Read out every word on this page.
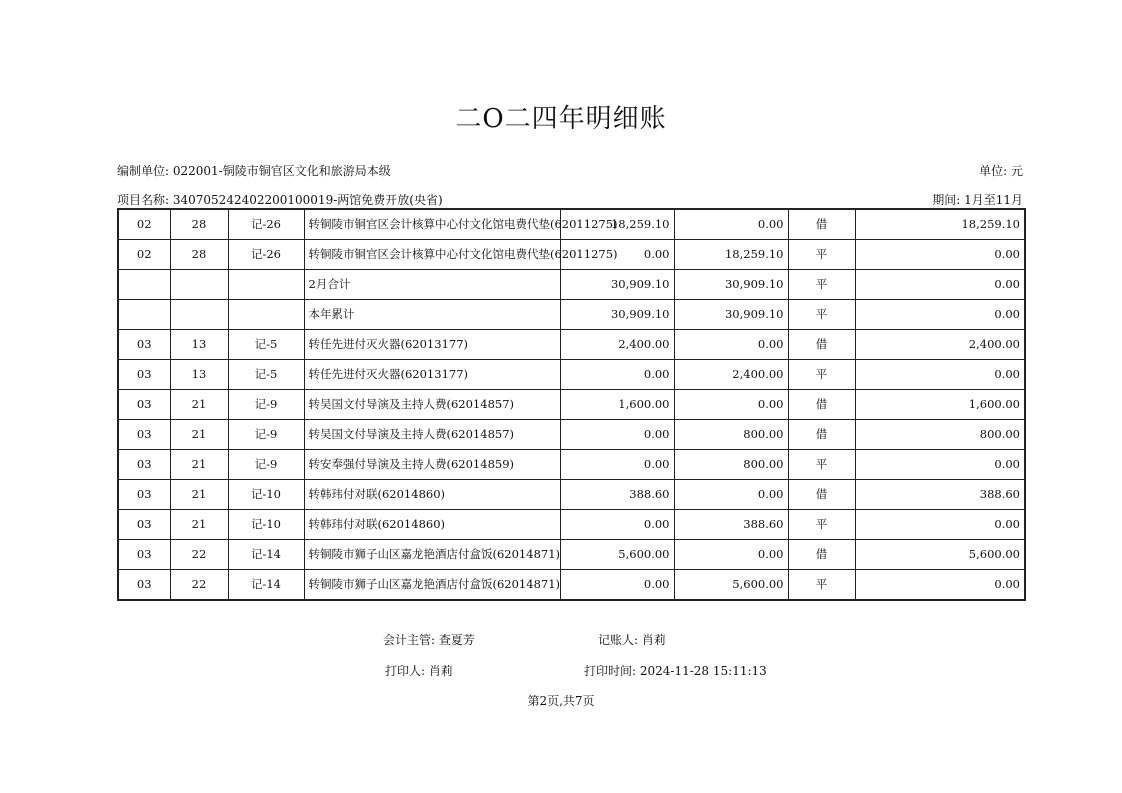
二O二四年明细账
编制单位: 022001-铜陵市铜官区文化和旅游局本级	单位: 元
项目名称: 340705242402200100019-两馆免费开放(央省)	期间: 1月至11月
02	28	记-26	转铜陵市铜官区会计核算中心付文化馆电费代垫(62011275)	18,259.10	0.00	借	18,259.10
02	28	记-26	转铜陵市铜官区会计核算中心付文化馆电费代垫(62011275)	0.00	18,259.10	平	0.00
			2月合计	30,909.10	30,909.10	平	0.00
			本年累计	30,909.10	30,909.10	平	0.00
03	13	记-5	转任先进付灭火器(62013177)	2,400.00	0.00	借	2,400.00
03	13	记-5	转任先进付灭火器(62013177)	0.00	2,400.00	平	0.00
03	21	记-9	转吴国文付导演及主持人费(62014857)	1,600.00	0.00	借	1,600.00
03	21	记-9	转吴国文付导演及主持人费(62014857)	0.00	800.00	借	800.00
03	21	记-9	转安奉强付导演及主持人费(62014859)	0.00	800.00	平	0.00
03	21	记-10	转韩玮付对联(62014860)	388.60	0.00	借	388.60
03	21	记-10	转韩玮付对联(62014860)	0.00	388.60	平	0.00
03	22	记-14	转铜陵市狮子山区嘉龙艳酒店付盒饭(62014871)	5,600.00	0.00	借	5,600.00
03	22	记-14	转铜陵市狮子山区嘉龙艳酒店付盒饭(62014871)	0.00	5,600.00	平	0.00
会计主管: 查夏芳	记账人: 肖莉
打印人: 肖莉	打印时间: 2024-11-28 15:11:13
第2页,共7页
